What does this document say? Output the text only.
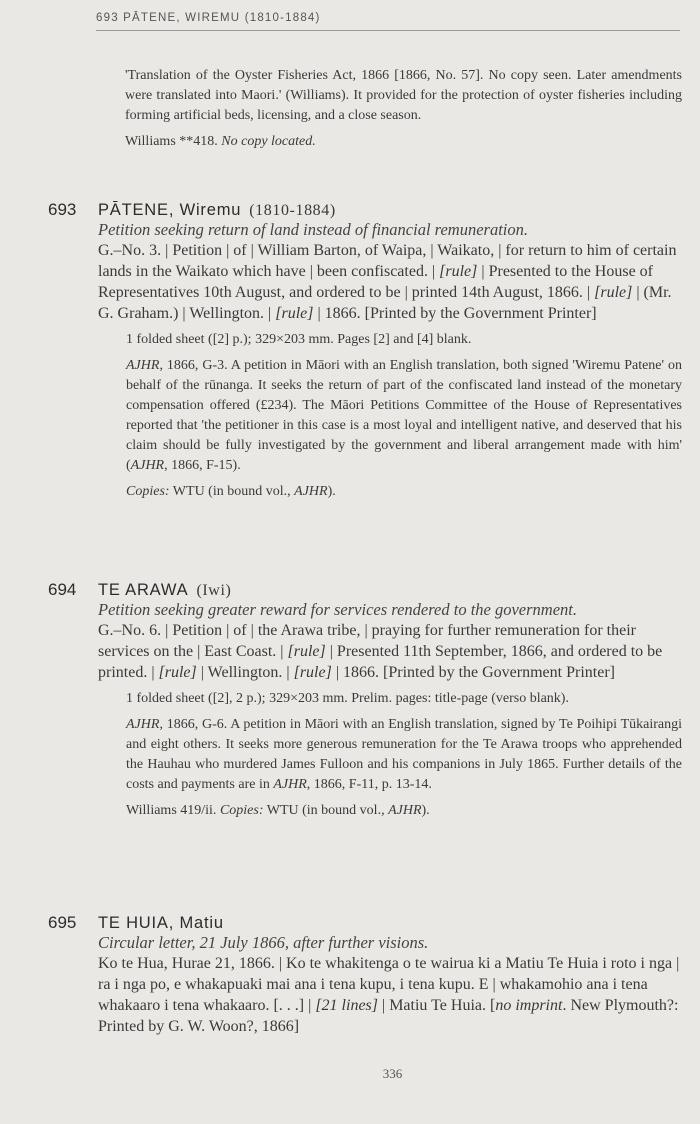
693 PĀTENE, WIREMU (1810-1884)

'Translation of the Oyster Fisheries Act, 1866 [1866, No. 57]. No copy seen. Later amendments were translated into Maori.' (Williams). It provided for the protection of oyster fisheries including forming artificial beds, licensing, and a close season.

Williams **418. No copy located.

693	PĀTENE, Wiremu (1810-1884)
Petition seeking return of land instead of financial remuneration.

G.–No. 3. | Petition | of | William Barton, of Waipa, | Waikato, | for return to him of certain lands in the Waikato which have | been confiscated. | [rule] | Presented to the House of Representatives 10th August, and ordered to be | printed 14th August, 1866. | [rule] | (Mr. G. Graham.) | Wellington. | [rule] | 1866. [Printed by the Government Printer]

1 folded sheet ([2] p.); 329×203 mm. Pages [2] and [4] blank.

AJHR, 1866, G-3. A petition in Māori with an English translation, both signed 'Wiremu Patene' on behalf of the rūnanga. It seeks the return of part of the confiscated land instead of the monetary compensation offered (£234). The Māori Petitions Committee of the House of Representatives reported that 'the petitioner in this case is a most loyal and intelligent native, and deserved that his claim should be fully investigated by the government and liberal arrangement made with him' (AJHR, 1866, F-15).

Copies: WTU (in bound vol., AJHR).

694	TE ARAWA (Iwi)
Petition seeking greater reward for services rendered to the government.

G.–No. 6. | Petition | of | the Arawa tribe, | praying for further remuneration for their services on the | East Coast. | [rule] | Presented 11th September, 1866, and ordered to be printed. | [rule] | Wellington. | [rule] | 1866. [Printed by the Government Printer]

1 folded sheet ([2], 2 p.); 329×203 mm. Prelim. pages: title-page (verso blank).

AJHR, 1866, G-6. A petition in Māori with an English translation, signed by Te Poihipi Tūkairangi and eight others. It seeks more generous remuneration for the Te Arawa troops who apprehended the Hauhau who murdered James Fulloon and his companions in July 1865. Further details of the costs and payments are in AJHR, 1866, F-11, p. 13-14.

Williams 419/ii. Copies: WTU (in bound vol., AJHR).

695	TE HUIA, Matiu
Circular letter, 21 July 1866, after further visions.

Ko te Hua, Hurae 21, 1866. | Ko te whakitenga o te wairua ki a Matiu Te Huia i roto i nga | ra i nga po, e whakapuaki mai ana i tena kupu, i tena kupu. E | whakamohio ana i tena whakaaro i tena whakaaro. [. . .] | [21 lines] | Matiu Te Huia. [no imprint. New Plymouth?: Printed by G. W. Woon?, 1866]

336
